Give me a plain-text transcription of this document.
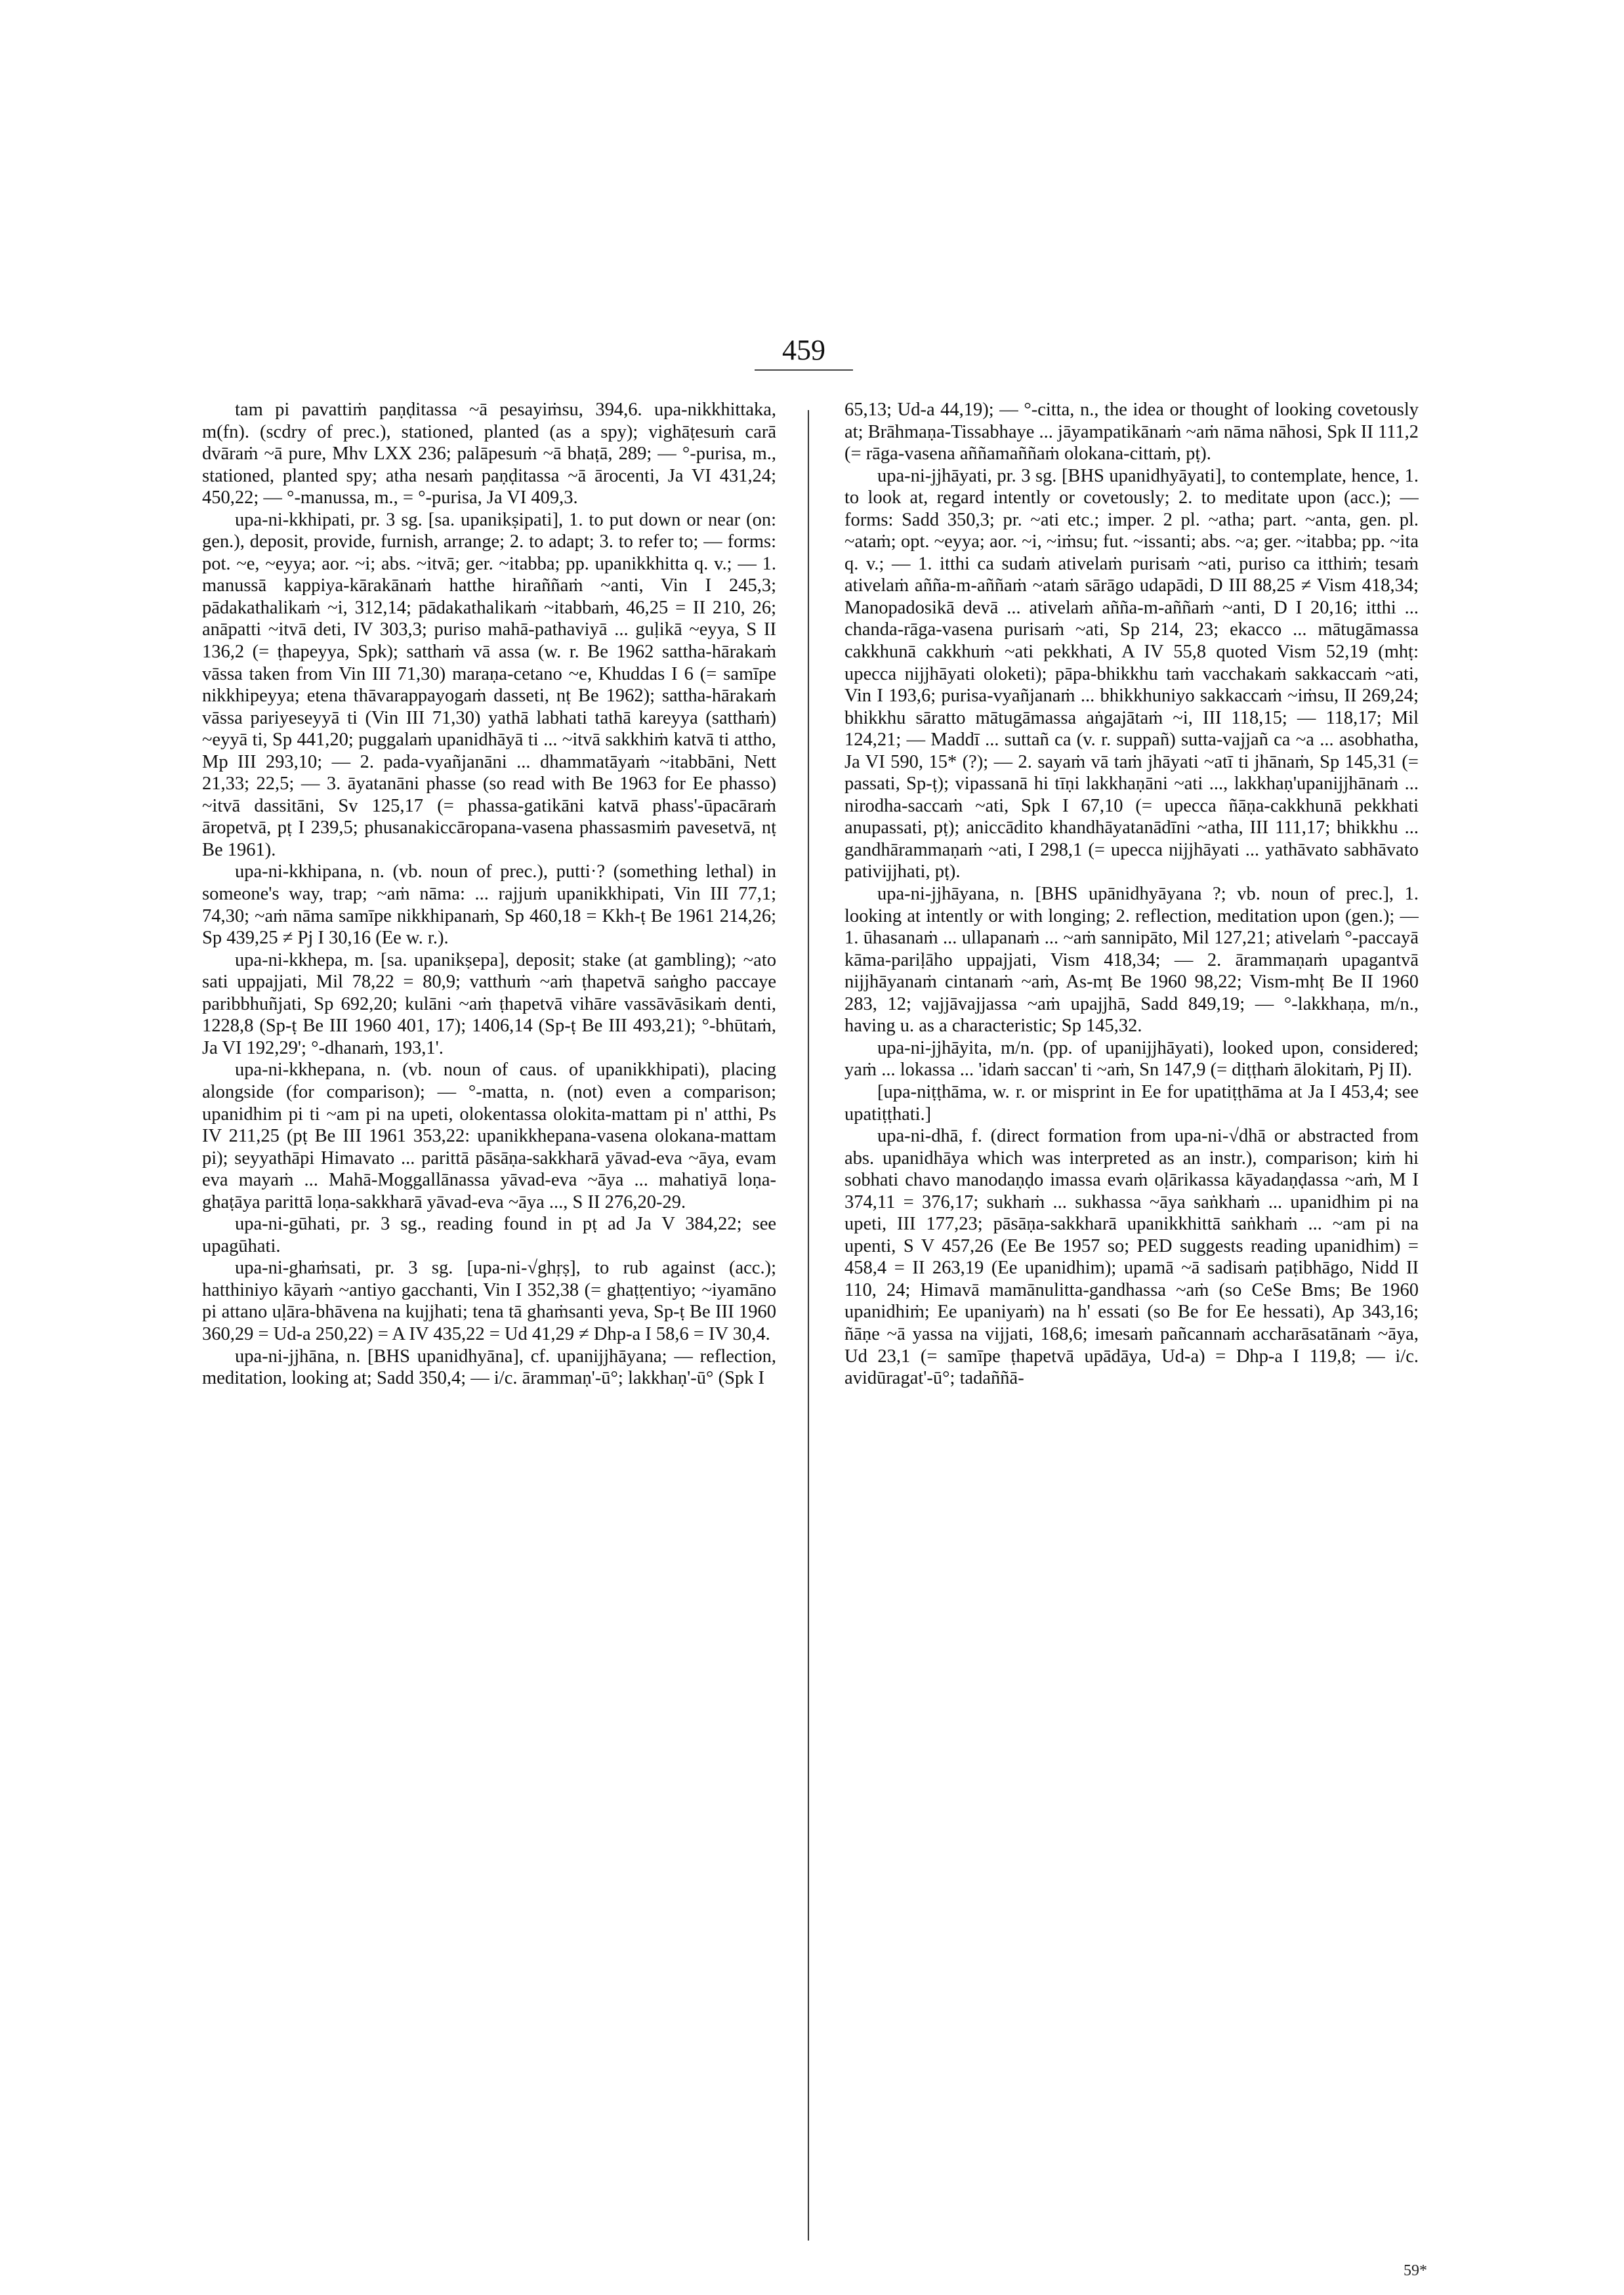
459

tam pi pavattiṁ paṇḍitassa ~ā pesayiṁsu, 394,6. upa-nikkhittaka, m(fn). (scdry of prec.), stationed, planted (as a spy); vighāṭesuṁ carā dvāraṁ ~ā pure, Mhv LXX 236; palāpesuṁ ~ā bhaṭā, 289; — °-purisa, m., stationed, planted spy; atha nesaṁ paṇḍitassa ~ā ārocenti, Ja VI 431,24; 450,22; — °-manussa, m., = °-purisa, Ja VI 409,3.

upa-ni-kkhipati, pr. 3 sg. [sa. upanikṣipati], 1. to put down or near (on: gen.), deposit, provide, furnish, arrange; 2. to adapt; 3. to refer to; — forms: pot. ~e, ~eyya; aor. ~i; abs. ~itvā; ger. ~itabba; pp. upanikkhitta q. v.; — 1. manussā kappiya-kārakānaṁ hatthe hiraññaṁ ~anti, Vin I 245,3; pādakathalikaṁ ~i, 312,14; pādakathalikaṁ ~itabbaṁ, 46,25 = II 210, 26; anāpatti ~itvā deti, IV 303,3; puriso mahā-pathaviyā ... guḷikā ~eyya, S II 136,2 (= ṭhapeyya, Spk); satthaṁ vā assa (w. r. Be 1962 sattha-hārakaṁ vāssa taken from Vin III 71,30) maraṇa-cetano ~e, Khuddas I 6 (= samīpe nikkhipeyya; etena thāvarappayogaṁ dasseti, nṭ Be 1962); sattha-hārakaṁ vāssa pariyeseyyā ti (Vin III 71,30) yathā labhati tathā kareyya (satthaṁ) ~eyyā ti, Sp 441,20; puggalaṁ upanidhāyā ti ... ~itvā sakkhiṁ katvā ti attho, Mp III 293,10; — 2. pada-vyañjanāni ... dhammatāyaṁ ~itabbāni, Nett 21,33; 22,5; — 3. āyatanāni phasse (so read with Be 1963 for Ee phasso) ~itvā dassitāni, Sv 125,17 (= phassa-gatikāni katvā phass'-ūpacāraṁ āropetvā, pṭ I 239,5; phusanakiccāropana-vasena phassasmiṁ pavesetvā, nṭ Be 1961).

upa-ni-kkhipana, n. (vb. noun of prec.), putti·? (something lethal) in someone's way, trap; ~aṁ nāma: ... rajjuṁ upanikkhipati, Vin III 77,1; 74,30; ~aṁ nāma samīpe nikkhipanaṁ, Sp 460,18 = Kkh-ṭ Be 1961 214,26; Sp 439,25 ≠ Pj I 30,16 (Ee w. r.).

upa-ni-kkhepa, m. [sa. upanikṣepa], deposit; stake (at gambling); ~ato sati uppajjati, Mil 78,22 = 80,9; vatthuṁ ~aṁ ṭhapetvā saṅgho paccaye paribbhuñjati, Sp 692,20; kulāni ~aṁ ṭhapetvā vihāre vassāvāsikaṁ denti, 1228,8 (Sp-ṭ Be III 1960 401, 17); 1406,14 (Sp-ṭ Be III 493,21); °-bhūtaṁ, Ja VI 192,29'; °-dhanaṁ, 193,1'.

upa-ni-kkhepana, n. (vb. noun of caus. of upanikkhipati), placing alongside (for comparison); — °-matta, n. (not) even a comparison; upanidhim pi ti ~am pi na upeti, olokentassa olokita-mattam pi n' atthi, Ps IV 211,25 (pṭ Be III 1961 353,22: upanikkhepana-vasena olokana-mattam pi); seyyathāpi Himavato ... parittā pāsāṇa-sakkharā yāvad-eva ~āya, evam eva mayaṁ ... Mahā-Moggallānassa yāvad-eva ~āya ... mahatiyā loṇa-ghaṭāya parittā loṇa-sakkharā yāvad-eva ~āya ..., S II 276,20-29.

upa-ni-gūhati, pr. 3 sg., reading found in pṭ ad Ja V 384,22; see upagūhati.

upa-ni-ghaṁsati, pr. 3 sg. [upa-ni-√ghṛṣ], to rub against (acc.); hatthiniyo kāyaṁ ~antiyo gacchanti, Vin I 352,38 (= ghaṭṭentiyo; ~iyamāno pi attano uḷāra-bhāvena na kujjhati; tena tā ghaṁsanti yeva, Sp-ṭ Be III 1960 360,29 = Ud-a 250,22) = A IV 435,22 = Ud 41,29 ≠ Dhp-a I 58,6 = IV 30,4.

upa-ni-jjhāna, n. [BHS upanidhyāna], cf. upanijjhāyana; — reflection, meditation, looking at; Sadd 350,4; — i/c. ārammaṇ'-ū°; lakkhaṇ'-ū° (Spk I

65,13; Ud-a 44,19); — °-citta, n., the idea or thought of looking covetously at; Brāhmaṇa-Tissabhaye ... jāyampatikānaṁ ~aṁ nāma nāhosi, Spk II 111,2 (= rāga-vasena aññamaññaṁ olokana-cittaṁ, pṭ).

upa-ni-jjhāyati, pr. 3 sg. [BHS upanidhyāyati], to contemplate, hence, 1. to look at, regard intently or covetously; 2. to meditate upon (acc.); — forms: Sadd 350,3; pr. ~ati etc.; imper. 2 pl. ~atha; part. ~anta, gen. pl. ~ataṁ; opt. ~eyya; aor. ~i, ~iṁsu; fut. ~issanti; abs. ~a; ger. ~itabba; pp. ~ita q. v.; — 1. itthi ca sudaṁ ativelaṁ purisaṁ ~ati, puriso ca itthiṁ; tesaṁ ativelaṁ añña-m-aññaṁ ~ataṁ sārāgo udapādi, D III 88,25 ≠ Vism 418,34; Manopadosikā devā ... ativelaṁ añña-m-aññaṁ ~anti, D I 20,16; itthi ... chanda-rāga-vasena purisaṁ ~ati, Sp 214, 23; ekacco ... mātugāmassa cakkhunā cakkhuṁ ~ati pekkhati, A IV 55,8 quoted Vism 52,19 (mhṭ: upecca nijjhāyati oloketi); pāpa-bhikkhu taṁ vacchakaṁ sakkaccaṁ ~ati, Vin I 193,6; purisa-vyañjanaṁ ... bhikkhuniyo sakkaccaṁ ~iṁsu, II 269,24; bhikkhu sāratto mātugāmassa aṅgajātaṁ ~i, III 118,15; — 118,17; Mil 124,21; — Maddī ... suttañ ca (v. r. suppañ) sutta-vajjañ ca ~a ... asobhatha, Ja VI 590, 15* (?); — 2. sayaṁ vā taṁ jhāyati ~atī ti jhānaṁ, Sp 145,31 (= passati, Sp-ṭ); vipassanā hi tīṇi lakkhaṇāni ~ati ..., lakkhaṇ'upanijjhānaṁ ... nirodha-saccaṁ ~ati, Spk I 67,10 (= upecca ñāṇa-cakkhunā pekkhati anupassati, pṭ); aniccādito khandhāyatanādīni ~atha, III 111,17; bhikkhu ... gandhārammaṇaṁ ~ati, I 298,1 (= upecca nijjhāyati ... yathāvato sabhāvato pativijjhati, pṭ).

upa-ni-jjhāyana, n. [BHS upānidhyāyana ?; vb. noun of prec.], 1. looking at intently or with longing; 2. reflection, meditation upon (gen.); — 1. ūhasanaṁ ... ullapanaṁ ... ~aṁ sannipāto, Mil 127,21; ativelaṁ °-paccayā kāma-pariḷāho uppajjati, Vism 418,34; — 2. ārammaṇaṁ upagantvā nijjhāyanaṁ cintanaṁ ~aṁ, As-mṭ Be 1960 98,22; Vism-mhṭ Be II 1960 283, 12; vajjāvajjassa ~aṁ upajjhā, Sadd 849,19; — °-lakkhaṇa, m/n., having u. as a characteristic; Sp 145,32.

upa-ni-jjhāyita, m/n. (pp. of upanijjhāyati), looked upon, considered; yaṁ ... lokassa ... 'idaṁ saccan' ti ~aṁ, Sn 147,9 (= diṭṭhaṁ ālokitaṁ, Pj II).

[upa-niṭṭhāma, w. r. or misprint in Ee for upatiṭṭhāma at Ja I 453,4; see upatiṭṭhati.]

upa-ni-dhā, f. (direct formation from upa-ni-√dhā or abstracted from abs. upanidhāya which was interpreted as an instr.), comparison; kiṁ hi sobhati chavo manodaṇḍo imassa evaṁ oḷārikassa kāyadaṇḍassa ~aṁ, M I 374,11 = 376,17; sukhaṁ ... sukhassa ~āya saṅkhaṁ ... upanidhim pi na upeti, III 177,23; pāsāṇa-sakkharā upanikkhittā saṅkhaṁ ... ~am pi na upenti, S V 457,26 (Ee Be 1957 so; PED suggests reading upanidhim) = 458,4 = II 263,19 (Ee upanidhim); upamā ~ā sadisaṁ paṭibhāgo, Nidd II 110, 24; Himavā mamānulitta-gandhassa ~aṁ (so CeSe Bms; Be 1960 upanidhiṁ; Ee upaniyaṁ) na h' essati (so Be for Ee hessati), Ap 343,16; ñāṇe ~ā yassa na vijjati, 168,6; imesaṁ pañcannaṁ accharāsatānaṁ ~āya, Ud 23,1 (= samīpe ṭhapetvā upādāya, Ud-a) = Dhp-a I 119,8; — i/c. avidūragat'-ū°; tadaññā-

59*
